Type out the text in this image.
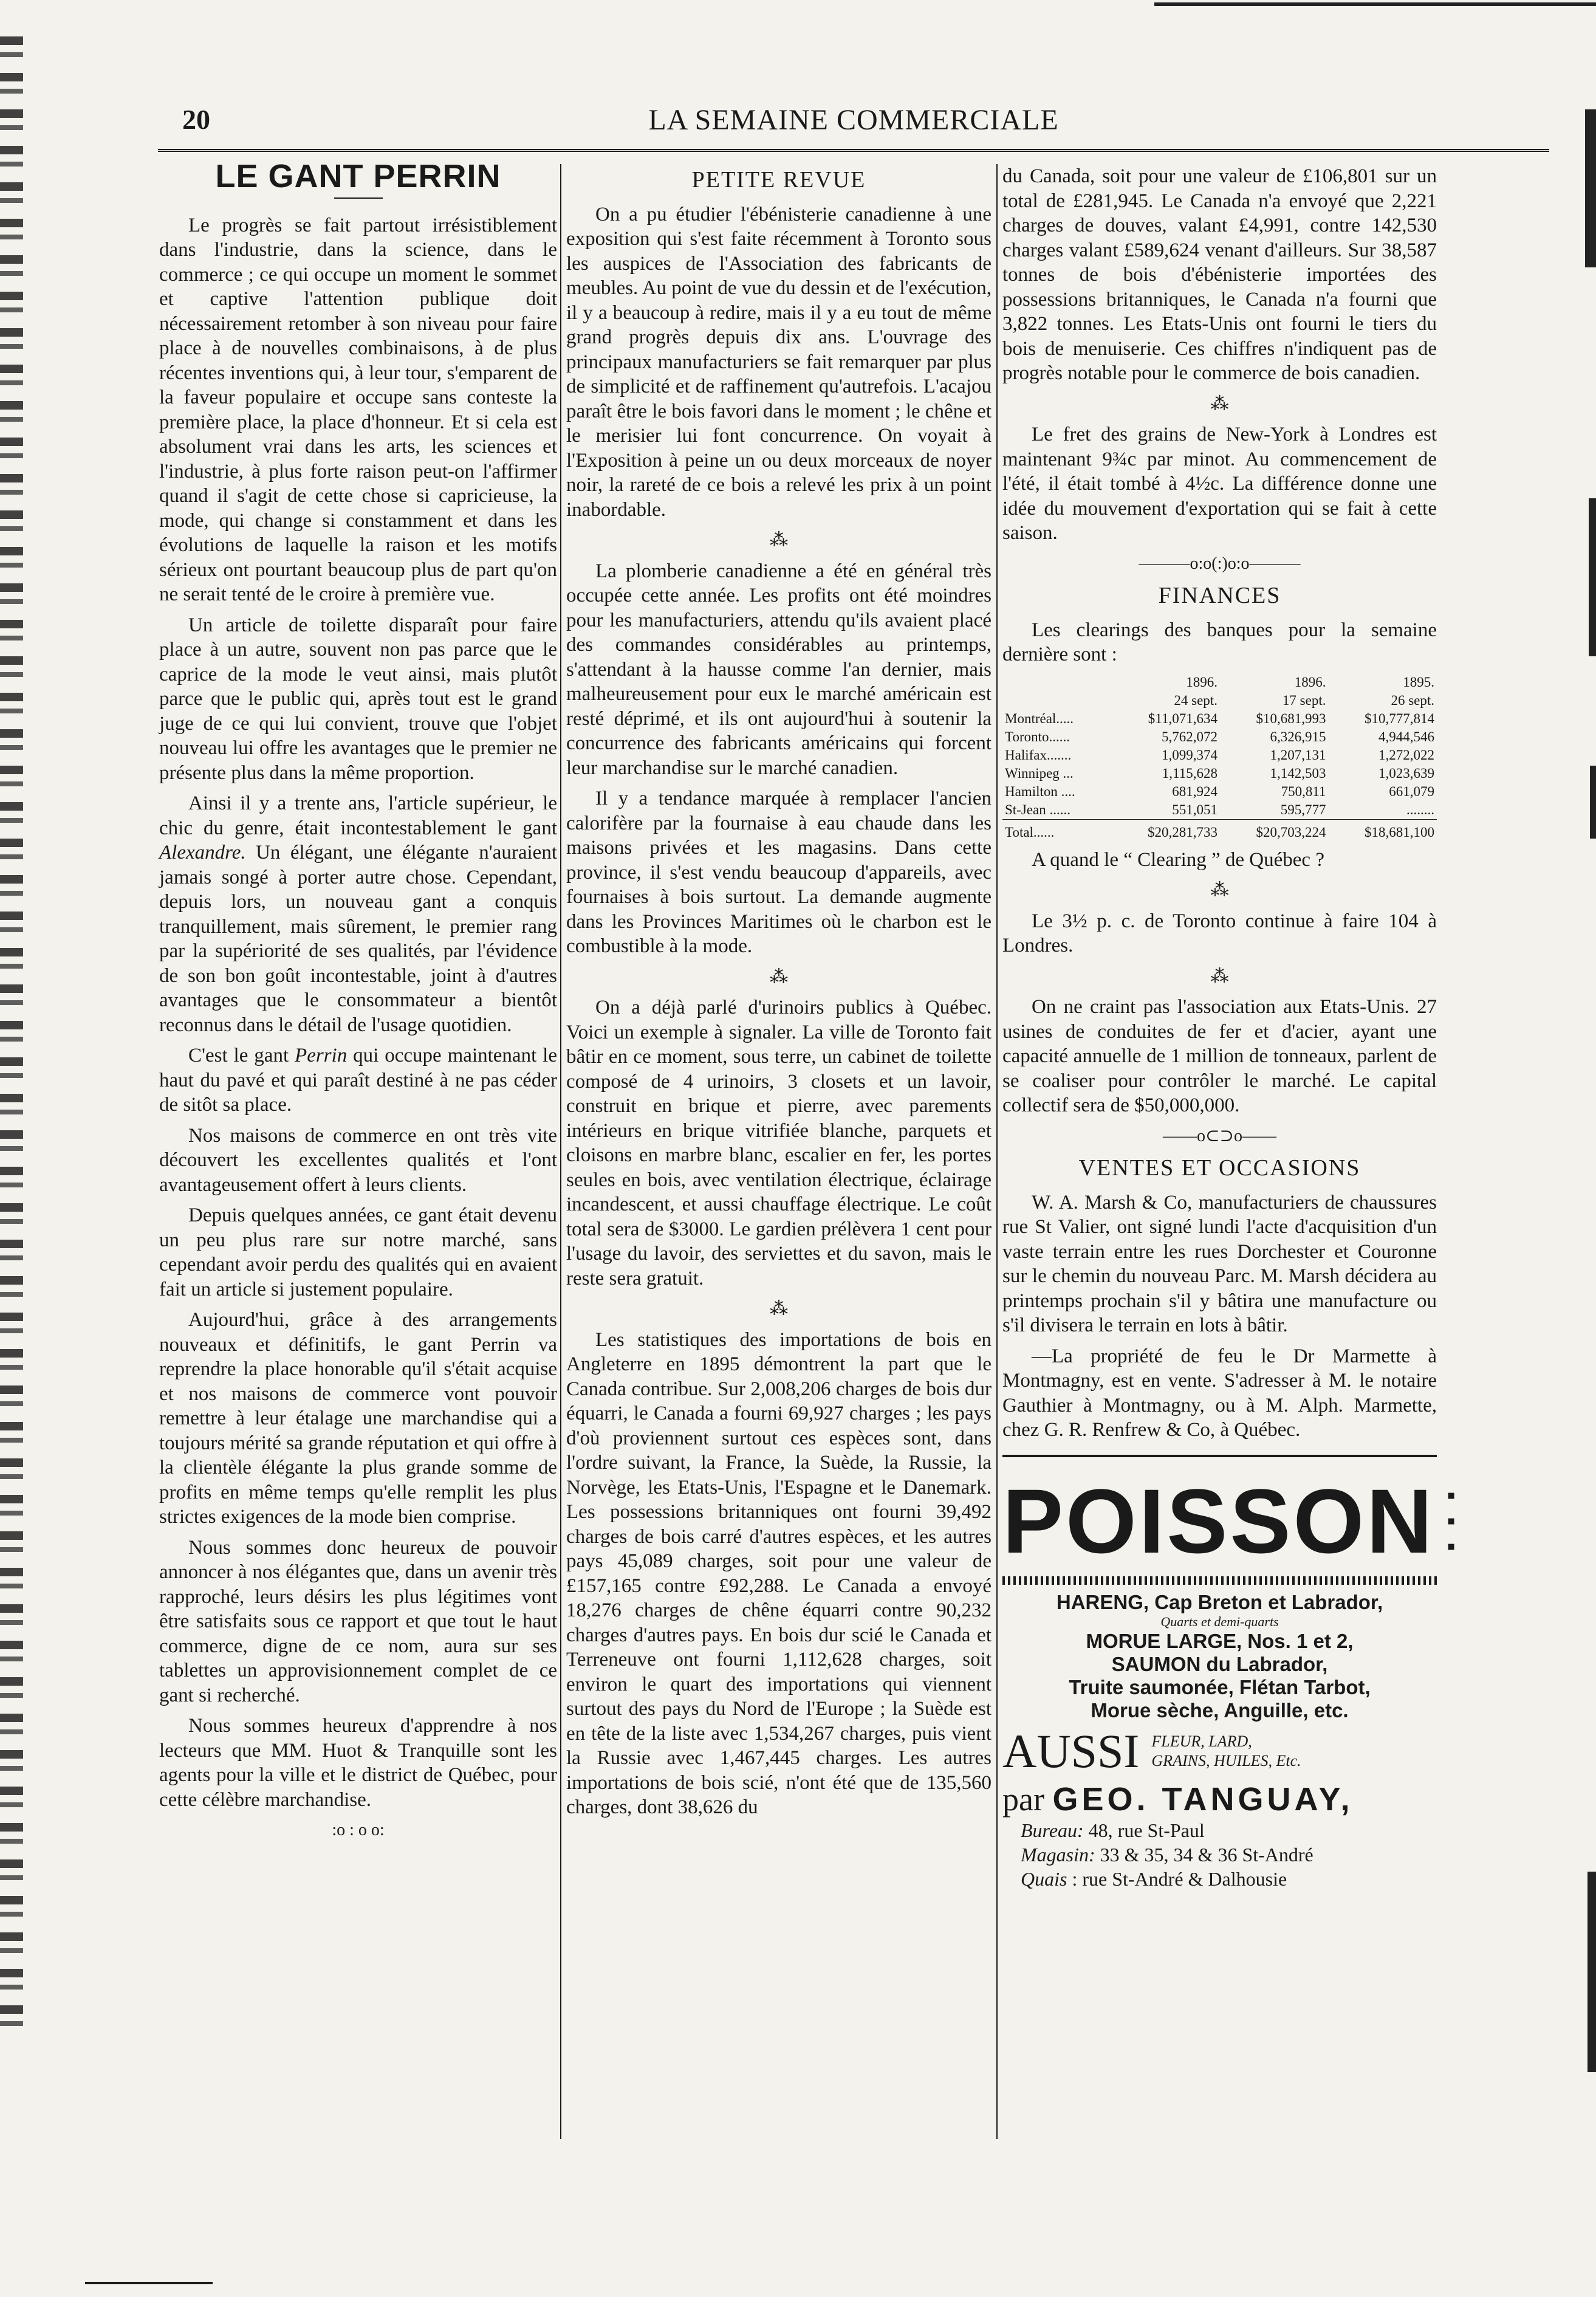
20	LA SEMAINE COMMERCIALE
LE GANT PERRIN

Le progrès se fait partout irrésistiblement dans l'industrie, dans la science, dans le commerce ; ce qui occupe un moment le sommet et captive l'attention publique doit nécessairement retomber à son niveau pour faire place à de nouvelles combinaisons, à de plus récentes inventions qui, à leur tour, s'emparent de la faveur populaire et occupe sans conteste la première place, la place d'honneur. Et si cela est absolument vrai dans les arts, les sciences et l'industrie, à plus forte raison peut-on l'affirmer quand il s'agit de cette chose si capricieuse, la mode, qui change si constamment et dans les évolutions de laquelle la raison et les motifs sérieux ont pourtant beaucoup plus de part qu'on ne serait tenté de le croire à première vue.

Un article de toilette disparaît pour faire place à un autre, souvent non pas parce que le caprice de la mode le veut ainsi, mais plutôt parce que le public qui, après tout est le grand juge de ce qui lui convient, trouve que l'objet nouveau lui offre les avantages que le premier ne présente plus dans la même proportion.

Ainsi il y a trente ans, l'article supérieur, le chic du genre, était incontestablement le gant Alexandre. Un élégant, une élégante n'auraient jamais songé à porter autre chose. Cependant, depuis lors, un nouveau gant a conquis tranquillement, mais sûrement, le premier rang par la supériorité de ses qualités, par l'évidence de son bon goût incontestable, joint à d'autres avantages que le consommateur a bientôt reconnus dans le détail de l'usage quotidien.

C'est le gant Perrin qui occupe maintenant le haut du pavé et qui paraît destiné à ne pas céder de sitôt sa place.

Nos maisons de commerce en ont très vite découvert les excellentes qualités et l'ont avantageusement offert à leurs clients.

Depuis quelques années, ce gant était devenu un peu plus rare sur notre marché, sans cependant avoir perdu des qualités qui en avaient fait un article si justement populaire.

Aujourd'hui, grâce à des arrangements nouveaux et définitifs, le gant Perrin va reprendre la place honorable qu'il s'était acquise et nos maisons de commerce vont pouvoir remettre à leur étalage une marchandise qui a toujours mérité sa grande réputation et qui offre à la clientèle élégante la plus grande somme de profits en même temps qu'elle remplit les plus strictes exigences de la mode bien comprise.

Nous sommes donc heureux de pouvoir annoncer à nos élégantes que, dans un avenir très rapproché, leurs désirs les plus légitimes vont être satisfaits sous ce rapport et que tout le haut commerce, digne de ce nom, aura sur ses tablettes un approvisionnement complet de ce gant si recherché.

Nous sommes heureux d'apprendre à nos lecteurs que MM. Huot & Tranquille sont les agents pour la ville et le district de Québec, pour cette célèbre marchandise.

:o : o o:
PETITE REVUE

On a pu étudier l'ébénisterie canadienne à une exposition qui s'est faite récemment à Toronto sous les auspices de l'Association des fabricants de meubles. Au point de vue du dessin et de l'exécution, il y a beaucoup à redire, mais il y a eu tout de même grand progrès depuis dix ans. L'ouvrage des principaux manufacturiers se fait remarquer par plus de simplicité et de raffinement qu'autrefois. L'acajou paraît être le bois favori dans le moment ; le chêne et le merisier lui font concurrence. On voyait à l'Exposition à peine un ou deux morceaux de noyer noir, la rareté de ce bois a relevé les prix à un point inabordable.

⁂

La plomberie canadienne a été en général très occupée cette année. Les profits ont été moindres pour les manufacturiers, attendu qu'ils avaient placé des commandes considérables au printemps, s'attendant à la hausse comme l'an dernier, mais malheureusement pour eux le marché américain est resté déprimé, et ils ont aujourd'hui à soutenir la concurrence des fabricants américains qui forcent leur marchandise sur le marché canadien.

Il y a tendance marquée à remplacer l'ancien calorifère par la fournaise à eau chaude dans les maisons privées et les magasins. Dans cette province, il s'est vendu beaucoup d'appareils, avec fournaises à bois surtout. La demande augmente dans les Provinces Maritimes où le charbon est le combustible à la mode.

⁂

On a déjà parlé d'urinoirs publics à Québec. Voici un exemple à signaler. La ville de Toronto fait bâtir en ce moment, sous terre, un cabinet de toilette composé de 4 urinoirs, 3 closets et un lavoir, construit en brique et pierre, avec parements intérieurs en brique vitrifiée blanche, parquets et cloisons en marbre blanc, escalier en fer, les portes seules en bois, avec ventilation électrique, éclairage incandescent, et aussi chauffage électrique. Le coût total sera de $3000. Le gardien prélèvera 1 cent pour l'usage du lavoir, des serviettes et du savon, mais le reste sera gratuit.

⁂

Les statistiques des importations de bois en Angleterre en 1895 démontrent la part que le Canada contribue. Sur 2,008,206 charges de bois dur équarri, le Canada a fourni 69,927 charges ; les pays d'où proviennent surtout ces espèces sont, dans l'ordre suivant, la France, la Suède, la Russie, la Norvège, les Etats-Unis, l'Espagne et le Danemark. Les possessions britanniques ont fourni 39,492 charges de bois carré d'autres espèces, et les autres pays 45,089 charges, soit pour une valeur de £157,165 contre £92,288. Le Canada a envoyé 18,276 charges de chêne équarri contre 90,232 charges d'autres pays. En bois dur scié le Canada et Terreneuve ont fourni 1,112,628 charges, soit environ le quart des importations qui viennent surtout des pays du Nord de l'Europe ; la Suède est en tête de la liste avec 1,534,267 charges, puis vient la Russie avec 1,467,445 charges. Les autres importations de bois scié, n'ont été que de 135,560 charges, dont 38,626 du

du Canada, soit pour une valeur de £106,801 sur un total de £281,945. Le Canada n'a envoyé que 2,221 charges de douves, valant £4,991, contre 142,530 charges valant £589,624 venant d'ailleurs. Sur 38,587 tonnes de bois d'ébénisterie importées des possessions britanniques, le Canada n'a fourni que 3,822 tonnes. Les Etats-Unis ont fourni le tiers du bois de menuiserie. Ces chiffres n'indiquent pas de progrès notable pour le commerce de bois canadien.

⁂

Le fret des grains de New-York à Londres est maintenant 9¾c par minot. Au commencement de l'été, il était tombé à 4½c. La différence donne une idée du mouvement d'exportation qui se fait à cette saison.

———o:o(:)o:o———
FINANCES

Les clearings des banques pour la semaine dernière sont :

	1896.	1896.	1895.
	24 sept.	17 sept.	26 sept.
Montréal.....	$11,071,634	$10,681,993	$10,777,814
Toronto......	5,762,072	6,326,915	4,944,546
Halifax.......	1,099,374	1,207,131	1,272,022
Winnipeg ...	1,115,628	1,142,503	1,023,639
Hamilton ....	681,924	750,811	661,079
St-Jean ......	551,051	595,777	........
Total......	$20,281,733	$20,703,224	$18,681,100

A quand le “ Clearing ” de Québec ?

⁂

Le 3½ p. c. de Toronto continue à faire 104 à Londres.

⁂

On ne craint pas l'association aux Etats-Unis. 27 usines de conduites de fer et d'acier, ayant une capacité annuelle de 1 million de tonneaux, parlent de se coaliser pour contrôler le marché. Le capital collectif sera de $50,000,000.

——o⊂⊃o——
VENTES ET OCCASIONS

W. A. Marsh & Co, manufacturiers de chaussures rue St Valier, ont signé lundi l'acte d'acquisition d'un vaste terrain entre les rues Dorchester et Couronne sur le chemin du nouveau Parc. M. Marsh décidera au printemps prochain s'il y bâtira une manufacture ou s'il divisera le terrain en lots à bâtir.

—La propriété de feu le Dr Marmette à Montmagny, est en vente. S'adresser à M. le notaire Gauthier à Montmagny, ou à M. Alph. Marmette, chez G. R. Renfrew & Co, à Québec.

POISSON ▪ ▪ ▪
HARENG, Cap Breton et Labrador,
Quarts et demi-quarts
MORUE LARGE, Nos. 1 et 2,
SAUMON du Labrador,
Truite saumonée, Flétan Tarbot,
Morue sèche, Anguille, etc.
AUSSI FLEUR, LARD,
GRAINS, HUILES, Etc.
par GEO. TANGUAY,
Bureau: 48, rue St-Paul
Magasin: 33 & 35, 34 & 36 St-André
Quais : rue St-André & Dalhousie
